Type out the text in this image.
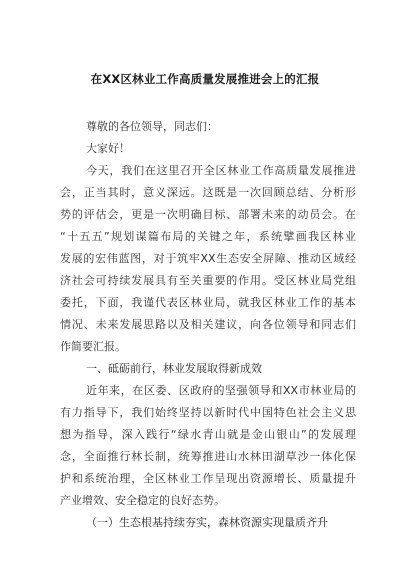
在XX区林业工作高质量发展推进会上的汇报
尊敬的各位领导，同志们：
大家好！
今天，我们在这里召开全区林业工作高质量发展推进
会，正当其时，意义深远。这既是一次回顾总结、分析形
势的评估会，更是一次明确目标、部署未来的动员会。在
“十五五”规划谋篇布局的关键之年，系统擘画我区林业
发展的宏伟蓝图，对于筑牢XX生态安全屏障、推动区域经
济社会可持续发展具有至关重要的作用。受区林业局党组
委托，下面，我谨代表区林业局，就我区林业工作的基本
情况、未来发展思路以及相关建议，向各位领导和同志们
作简要汇报。
一、砥砺前行，林业发展取得新成效
近年来，在区委、区政府的坚强领导和XX市林业局的
有力指导下，我们始终坚持以新时代中国特色社会主义思
想为指导，深入践行“绿水青山就是金山银山”的发展理
念，全面推行林长制，统筹推进山水林田湖草沙一体化保
护和系统治理，全区林业工作呈现出资源增长、质量提升
产业增效、安全稳定的良好态势。
（一）生态根基持续夯实，森林资源实现量质齐升
